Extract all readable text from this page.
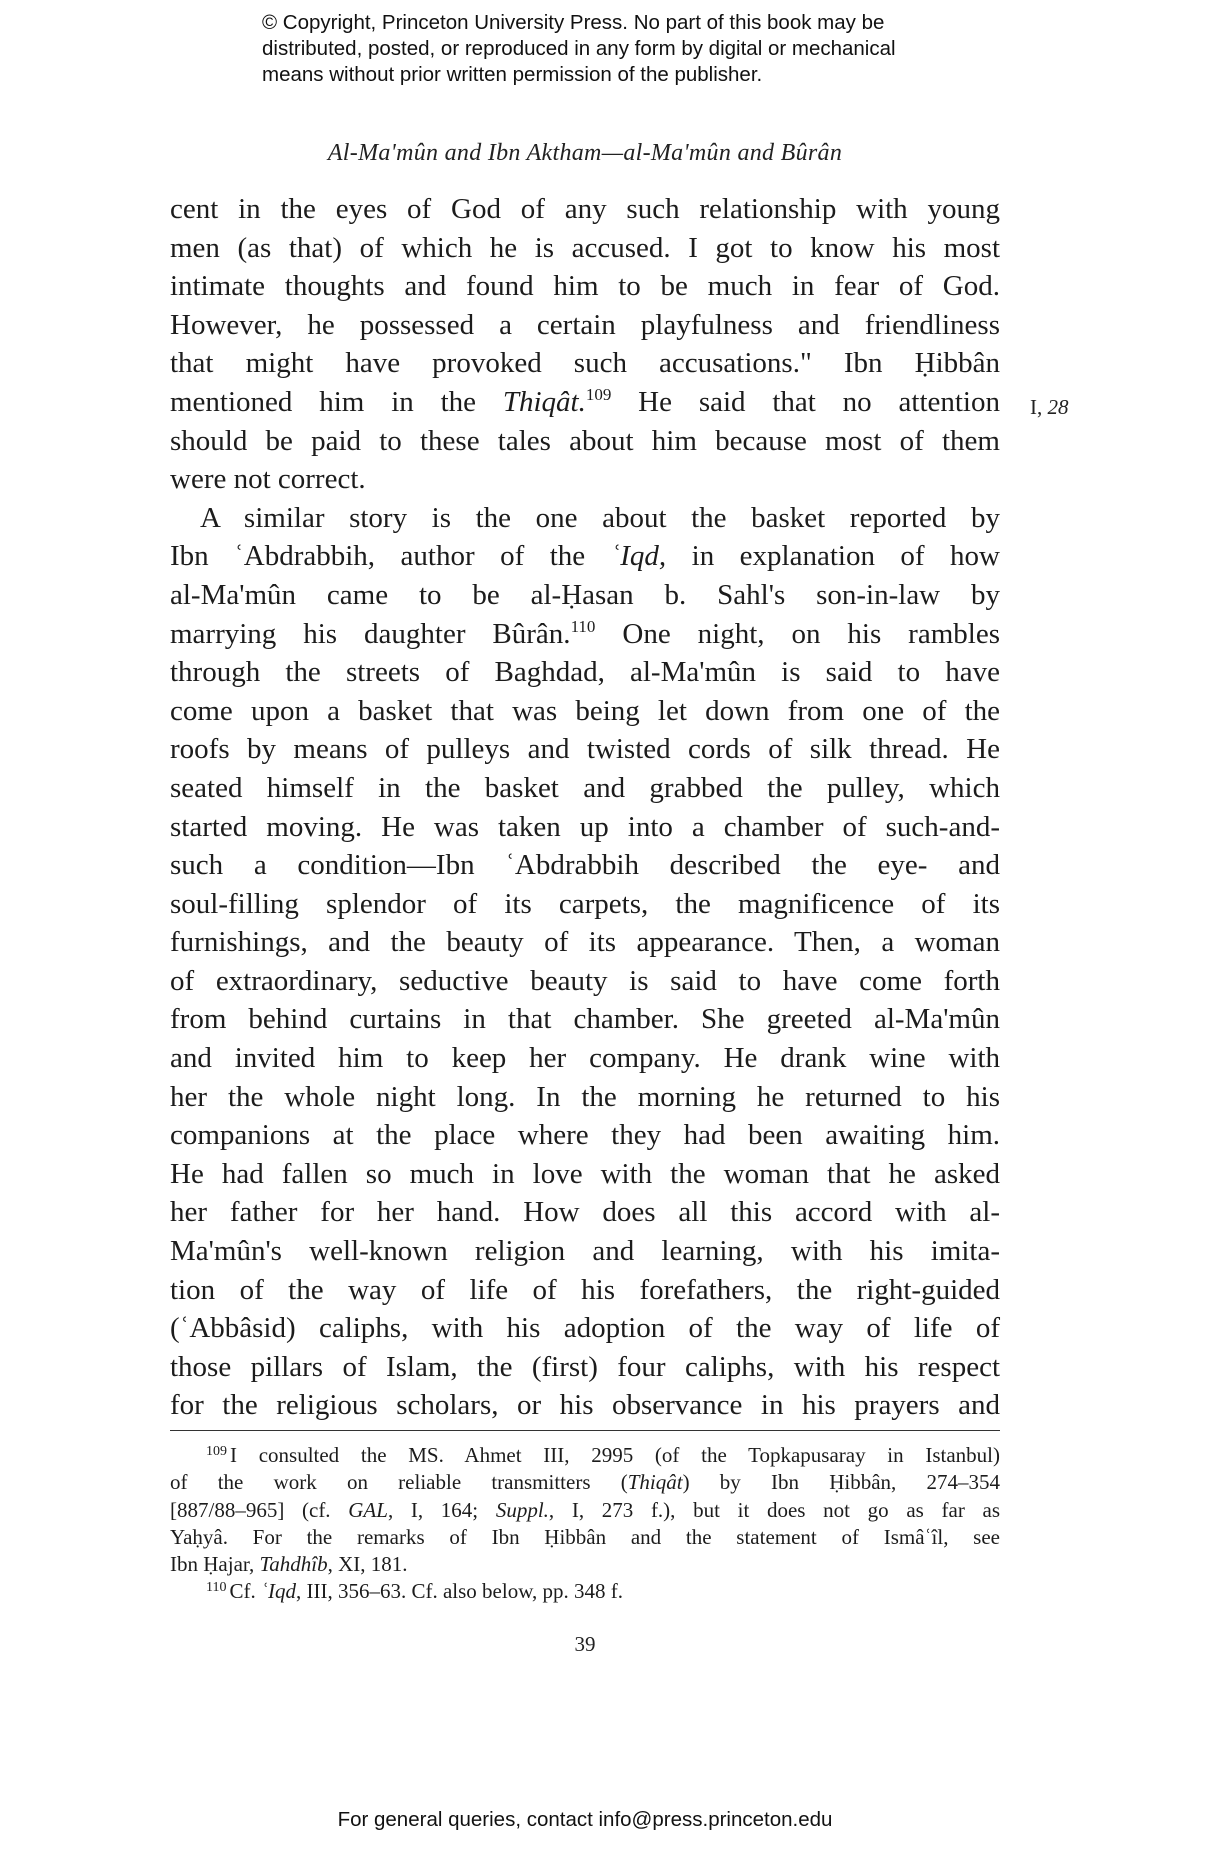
© Copyright, Princeton University Press. No part of this book may be
distributed, posted, or reproduced in any form by digital or mechanical
means without prior written permission of the publisher.
Al-Ma'mûn and Ibn Aktham—al-Ma'mûn and Bûrân
cent in the eyes of God of any such relationship with young
men (as that) of which he is accused. I got to know his most
intimate thoughts and found him to be much in fear of God.
However, he possessed a certain playfulness and friendliness
that might have provoked such accusations." Ibn Ḥibbân
mentioned him in the Thiqât.$^{109}$ He said that no attention
should be paid to these tales about him because most of them
were not correct.
A similar story is the one about the basket reported by
Ibn ʿAbdrabbih, author of the ʿIqd, in explanation of how
al-Ma'mûn came to be al-Ḥasan b. Sahl's son-in-law by
marrying his daughter Bûrân.$^{110}$ One night, on his rambles
through the streets of Baghdad, al-Ma'mûn is said to have
come upon a basket that was being let down from one of the
roofs by means of pulleys and twisted cords of silk thread. He
seated himself in the basket and grabbed the pulley, which
started moving. He was taken up into a chamber of such-and-
such a condition—Ibn ʿAbdrabbih described the eye- and
soul-filling splendor of its carpets, the magnificence of its
furnishings, and the beauty of its appearance. Then, a woman
of extraordinary, seductive beauty is said to have come forth
from behind curtains in that chamber. She greeted al-Ma'mûn
and invited him to keep her company. He drank wine with
her the whole night long. In the morning he returned to his
companions at the place where they had been awaiting him.
He had fallen so much in love with the woman that he asked
her father for her hand. How does all this accord with al-
Ma'mûn's well-known religion and learning, with his imita-
tion of the way of life of his forefathers, the right-guided
(ʿAbbâsid) caliphs, with his adoption of the way of life of
those pillars of Islam, the (first) four caliphs, with his respect
for the religious scholars, or his observance in his prayers and
I, 28
$^{109}$ I consulted the MS. Ahmet III, 2995 (of the Topkapusaray in Istanbul)
of the work on reliable transmitters (Thiqât) by Ibn Ḥibbân, 274–354
[887/88–965] (cf. GAL, I, 164; Suppl., I, 273 f.), but it does not go as far as
Yaḥyâ. For the remarks of Ibn Ḥibbân and the statement of Ismâʿîl, see
Ibn Ḥajar, Tahdhîb, XI, 181.
$^{110}$ Cf. ʿIqd, III, 356–63. Cf. also below, pp. 348 f.
39
For general queries, contact info@press.princeton.edu
